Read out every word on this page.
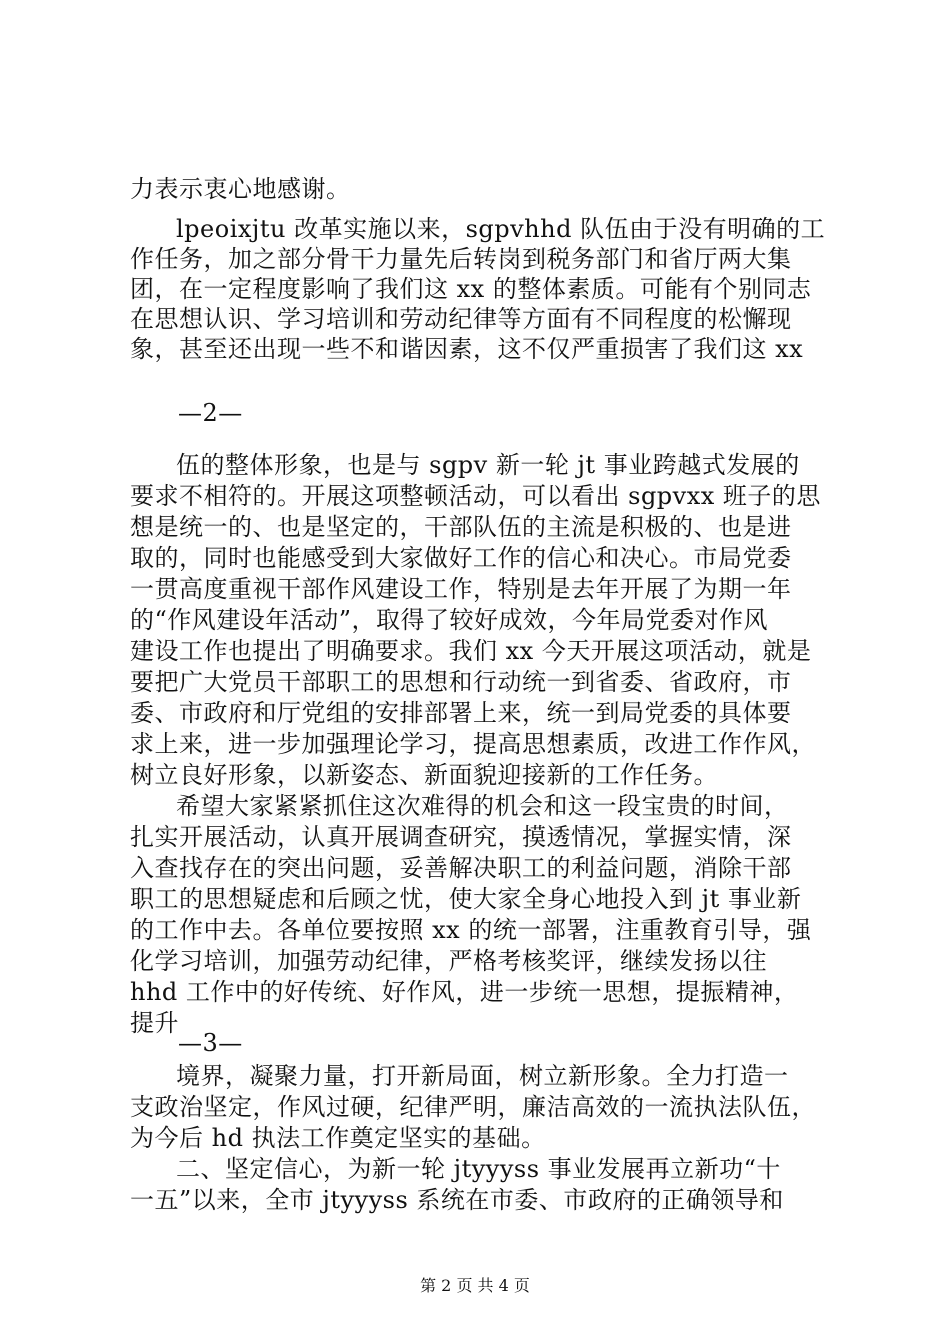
力表示衷心地感谢。
lpeoixjtu 改革实施以来，sgpvhhd 队伍由于没有明确的工
作任务，加之部分骨干力量先后转岗到税务部门和省厅两大集
团，在一定程度影响了我们这 xx 的整体素质。可能有个别同志
在思想认识、学习培训和劳动纪律等方面有不同程度的松懈现
象，甚至还出现一些不和谐因素，这不仅严重损害了我们这 xx
—2—
伍的整体形象，也是与 sgpv 新一轮 jt 事业跨越式发展的
要求不相符的。开展这项整顿活动，可以看出 sgpvxx 班子的思
想是统一的、也是坚定的，干部队伍的主流是积极的、也是进
取的，同时也能感受到大家做好工作的信心和决心。市局党委
一贯高度重视干部作风建设工作，特别是去年开展了为期一年
的“作风建设年活动”，取得了较好成效，今年局党委对作风
建设工作也提出了明确要求。我们 xx 今天开展这项活动，就是
要把广大党员干部职工的思想和行动统一到省委、省政府，市
委、市政府和厅党组的安排部署上来，统一到局党委的具体要
求上来，进一步加强理论学习，提高思想素质，改进工作作风，
树立良好形象，以新姿态、新面貌迎接新的工作任务。
希望大家紧紧抓住这次难得的机会和这一段宝贵的时间，
扎实开展活动，认真开展调查研究，摸透情况，掌握实情，深
入查找存在的突出问题，妥善解决职工的利益问题，消除干部
职工的思想疑虑和后顾之忧，使大家全身心地投入到 jt 事业新
的工作中去。各单位要按照 xx 的统一部署，注重教育引导，强
化学习培训，加强劳动纪律，严格考核奖评，继续发扬以往
hhd 工作中的好传统、好作风，进一步统一思想，提振精神，
提升
—3—
境界，凝聚力量，打开新局面，树立新形象。全力打造一
支政治坚定，作风过硬，纪律严明，廉洁高效的一流执法队伍，
为今后 hd 执法工作奠定坚实的基础。
二、坚定信心，为新一轮 jtyyyss 事业发展再立新功“十
一五”以来，全市 jtyyyss 系统在市委、市政府的正确领导和
第 2 页 共 4 页
